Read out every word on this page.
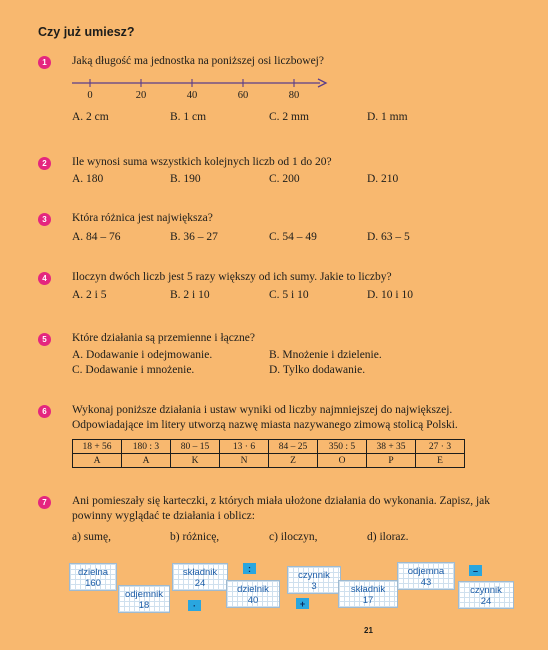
Czy już umiesz?
1	Jaką długość ma jednostka na poniższej osi liczbowej?
0	20	40	60	80
A. 2 cm	B. 1 cm	C. 2 mm	D. 1 mm
2	Ile wynosi suma wszystkich kolejnych liczb od 1 do 20?
A. 180	B. 190	C. 200	D. 210
3	Która różnica jest największa?
A. 84 – 76	B. 36 – 27	C. 54 – 49	D. 63 – 5
4	Iloczyn dwóch liczb jest 5 razy większy od ich sumy. Jakie to liczby?
A. 2 i 5	B. 2 i 10	C. 5 i 10	D. 10 i 10
5	Które działania są przemienne i łączne?
A. Dodawanie i odejmowanie.	B. Mnożenie i dzielenie.
C. Dodawanie i mnożenie.	D. Tylko dodawanie.
6	Wykonaj poniższe działania i ustaw wyniki od liczby najmniejszej do największej.
Odpowiadające im litery utworzą nazwę miasta nazywanego zimową stolicą Polski.
18 + 56	180 : 3	80 – 15	13 · 6	84 – 25	350 : 5	38 + 35	27 · 3
A	A	K	N	Z	O	P	E
7	Ani pomieszały się karteczki, z których miała ułożone działania do wykonania. Zapisz, jak
powinny wyglądać te działania i oblicz:
a) sumę,	b) różnicę,	c) iloczyn,	d) iloraz.
dzielna
160
odjemnik
18
składnik
24
dzielnik
40
czynnik
3	składnik
17
odjemna
43
czynnik
24
:
·	+
–
21
